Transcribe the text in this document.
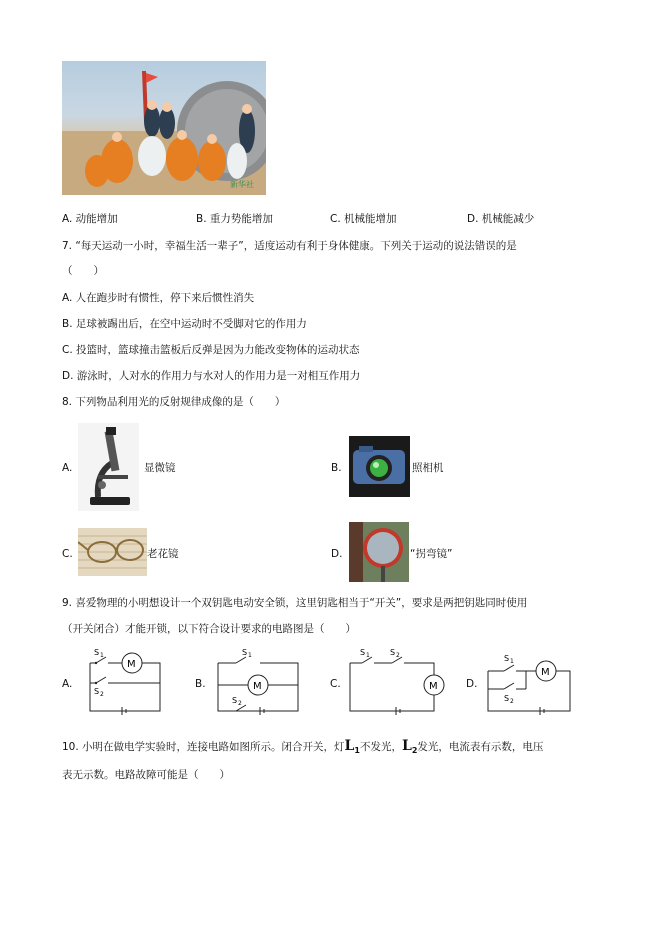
新华社
A. 动能增加	B. 重力势能增加	C. 机械能增加	D. 机械能减少
7. “每天运动一小时，幸福生活一辈子”，适度运动有利于身体健康。下列关于运动的说法错误的是
（　　）
A. 人在跑步时有惯性，停下来后惯性消失
B. 足球被踢出后，在空中运动时不受脚对它的作用力
C. 投篮时，篮球撞击篮板后反弹是因为力能改变物体的运动状态
D. 游泳时，人对水的作用力与水对人的作用力是一对相互作用力
8. 下列物品利用光的反射规律成像的是（　　）
A.	显微镜	B.	照相机
C.	老花镜	D.	“拐弯镜”
9. 喜爱物理的小明想设计一个双钥匙电动安全锁，这里钥匙相当于“开关”，要求是两把钥匙同时使用
（开关闭合）才能开锁，以下符合设计要求的电路图是（　　）
A.
M
S 1
S 2
B.	M
S 1
S 2
C.	M
S 1	S 2
D.
M
S 1
S 2
10. 小明在做电学实验时，连接电路如图所示。闭合开关，灯$L_1$不发光，$L_2$发光，电流表有示数，电压
表无示数。电路故障可能是（　　）
